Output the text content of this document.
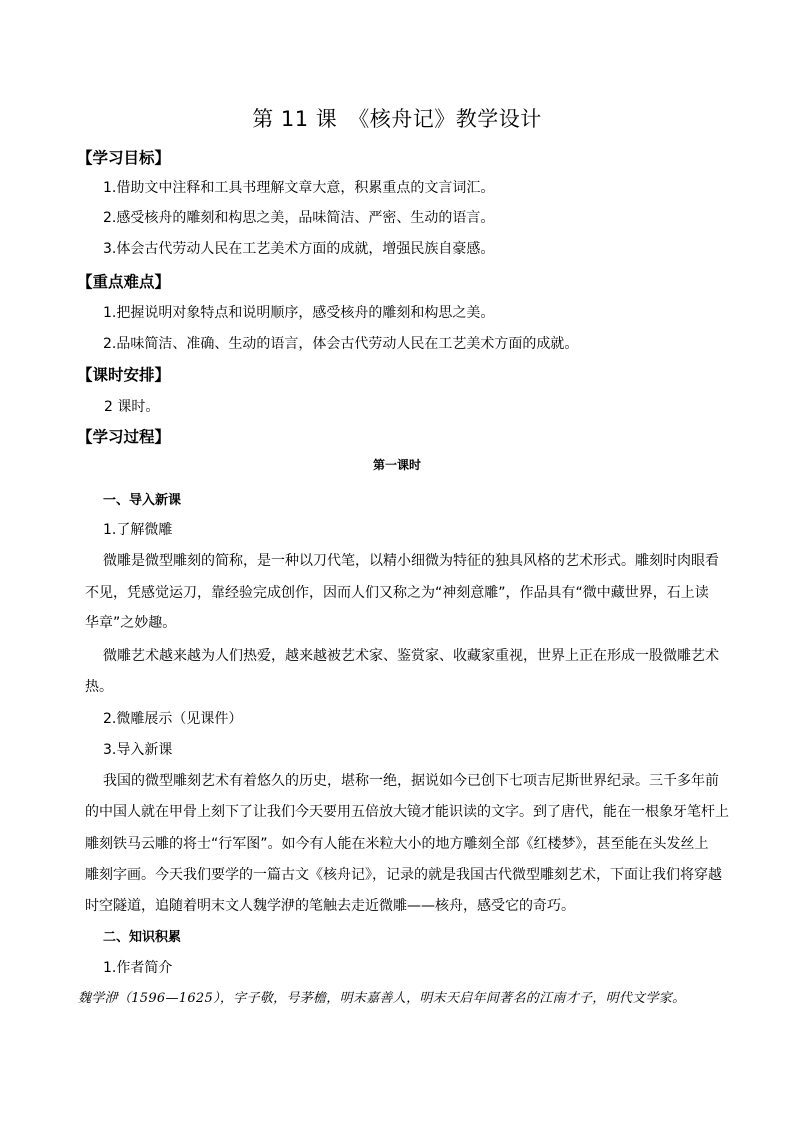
第 11 课　《核舟记》教学设计
【学习目标】
1.借助文中注释和工具书理解文章大意，积累重点的文言词汇。
2.感受核舟的雕刻和构思之美，品味简洁、严密、生动的语言。
3.体会古代劳动人民在工艺美术方面的成就，增强民族自豪感。
【重点难点】
1.把握说明对象特点和说明顺序，感受核舟的雕刻和构思之美。
2.品味简洁、准确、生动的语言，体会古代劳动人民在工艺美术方面的成就。
【课时安排】
2 课时。
【学习过程】
第一课时
一、导入新课
1.了解微雕
微雕是微型雕刻的简称，是一种以刀代笔，以精小细微为特征的独具风格的艺术形式。雕刻时肉眼看
不见，凭感觉运刀，靠经验完成创作，因而人们又称之为“神刻意雕”，作品具有“微中藏世界，石上读
华章”之妙趣。
微雕艺术越来越为人们热爱，越来越被艺术家、鉴赏家、收藏家重视，世界上正在形成一股微雕艺术
热。
2.微雕展示（见课件）
3.导入新课
我国的微型雕刻艺术有着悠久的历史，堪称一绝，据说如今已创下七项吉尼斯世界纪录。三千多年前
的中国人就在甲骨上刻下了让我们今天要用五倍放大镜才能识读的文字。到了唐代，能在一根象牙笔杆上
雕刻铁马云雕的将士“行军图”。如今有人能在米粒大小的地方雕刻全部《红楼梦》，甚至能在头发丝上
雕刻字画。今天我们要学的一篇古文《核舟记》，记录的就是我国古代微型雕刻艺术，下面让我们将穿越
时空隧道，追随着明末文人魏学洢的笔触去走近微雕——核舟，感受它的奇巧。
二、知识积累
1.作者简介
魏学洢（1596—1625），字子敬，号茅檐，明末嘉善人，明末天启年间著名的江南才子，明代文学家。
